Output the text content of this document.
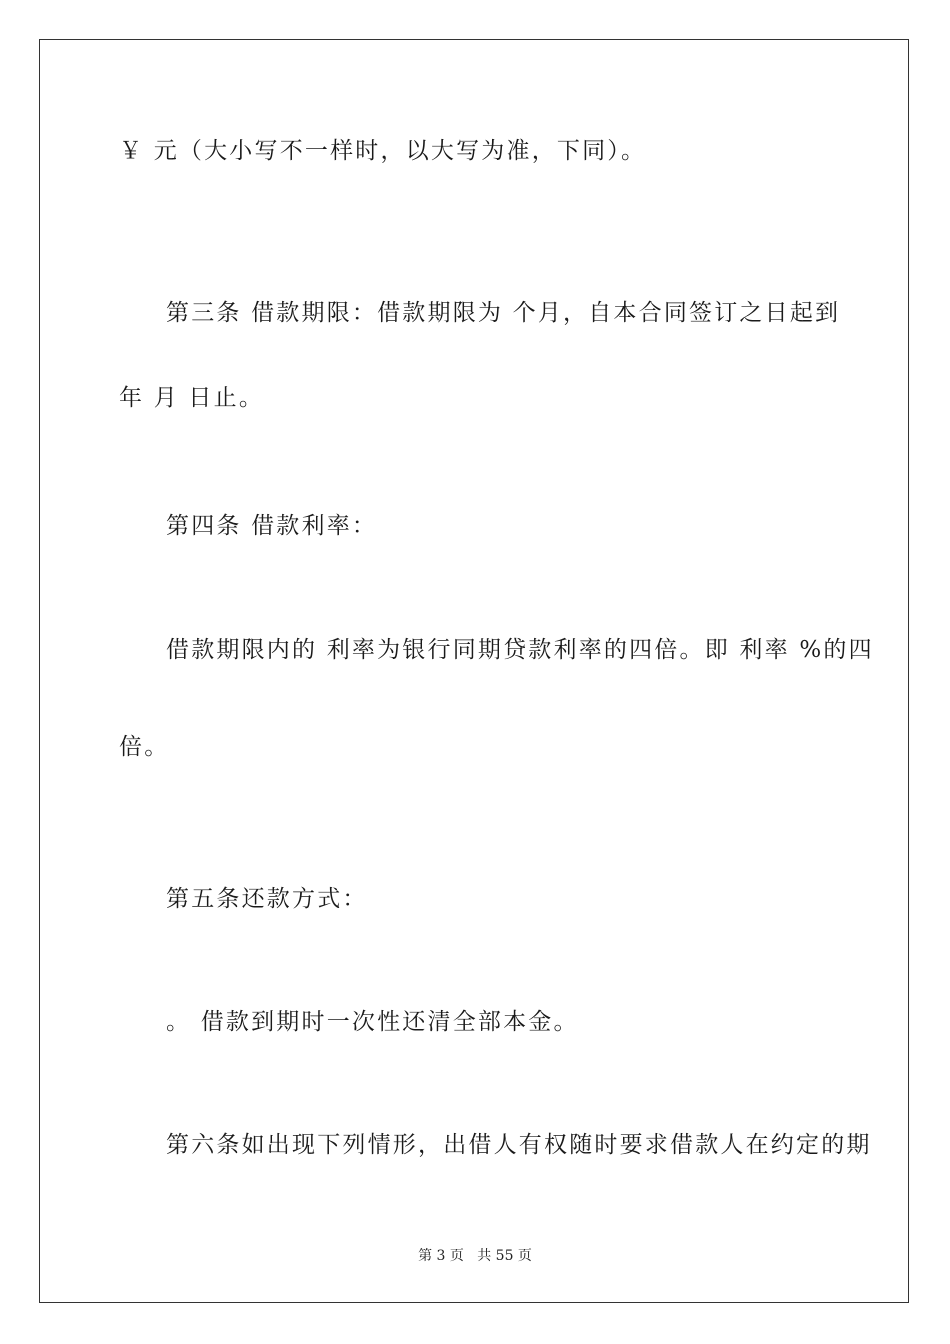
￥ 元（大小写不一样时，以大写为准，下同）。
第三条 借款期限：借款期限为 个月，自本合同签订之日起到
年 月 日止。
第四条 借款利率：
借款期限内的 利率为银行同期贷款利率的四倍。即 利率 %的四
倍。
第五条还款方式：
。 借款到期时一次性还清全部本金。
第六条如出现下列情形，出借人有权随时要求借款人在约定的期
第 3 页   共 55 页
